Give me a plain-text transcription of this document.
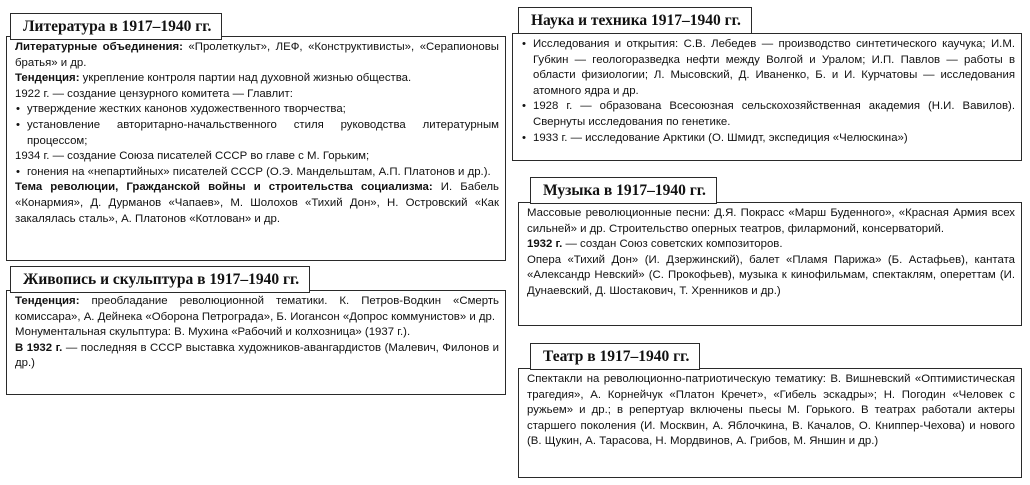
Литература в 1917–1940 гг.

Литературные объединения: «Пролеткульт», ЛЕФ, «Конструктивисты», «Серапионовы братья» и др.

Тенденция: укрепление контроля партии над духовной жизнью общества.

1922 г. — создание цензурного комитета — Главлит:

• утверждение жестких канонов художественного творчества;
• установление авторитарно-начальственного стиля руководства литературным процессом;

1934 г. — создание Союза писателей СССР во главе с М. Горьким;

• гонения на «непартийных» писателей СССР (О.Э. Мандельштам, А.П. Платонов и др.).

Тема революции, Гражданской войны и строительства социализма: И. Бабель «Конармия», Д. Дурманов «Чапаев», М. Шолохов «Тихий Дон», Н. Островский «Как закалялась сталь», А. Платонов «Котлован» и др.

Живопись и скульптура в 1917–1940 гг.

Тенденция: преобладание революционной тематики. К. Петров-Водкин «Смерть комиссара», А. Дейнека «Оборона Петрограда», Б. Иогансон «Допрос коммунистов» и др.

Монументальная скульптура: В. Мухина «Рабочий и колхозница» (1937 г.).

В 1932 г. — последняя в СССР выставка художников-авангардистов (Малевич, Филонов и др.)

Наука и техника 1917–1940 гг.
• Исследования и открытия: С.В. Лебедев — производство синтетического каучука; И.М. Губкин — геологоразведка нефти между Волгой и Уралом; И.П. Павлов — работы в области физиологии; Л. Мысовский, Д. Иваненко, Б. и И. Курчатовы — исследования атомного ядра и др.
• 1928 г. — образована Всесоюзная сельскохозяйственная академия (Н.И. Вавилов). Свернуты исследования по генетике.
• 1933 г. — исследование Арктики (О. Шмидт, экспедиция «Челюскина»)
Музыка в 1917–1940 гг.

Массовые революционные песни: Д.Я. Покрасс «Марш Буденного», «Красная Армия всех сильней» и др. Строительство оперных театров, филармоний, консерваторий.

1932 г. — создан Союз советских композиторов.

Опера «Тихий Дон» (И. Дзержинский), балет «Пламя Парижа» (Б. Астафьев), кантата «Александр Невский» (С. Прокофьев), музыка к кинофильмам, спектаклям, опереттам (И. Дунаевский, Д. Шостакович, Т. Хренников и др.)

Театр в 1917–1940 гг.

Спектакли на революционно-патриотическую тематику: В. Вишневский «Оптимистическая трагедия», А. Корнейчук «Платон Кречет», «Гибель эскадры»; Н. Погодин «Человек с ружьем» и др.; в репертуар включены пьесы М. Горького. В театрах работали актеры старшего поколения (И. Москвин, А. Яблочкина, В. Качалов, О. Книппер-Чехова) и нового (В. Щукин, А. Тарасова, Н. Мордвинов, А. Грибов, М. Яншин и др.)
